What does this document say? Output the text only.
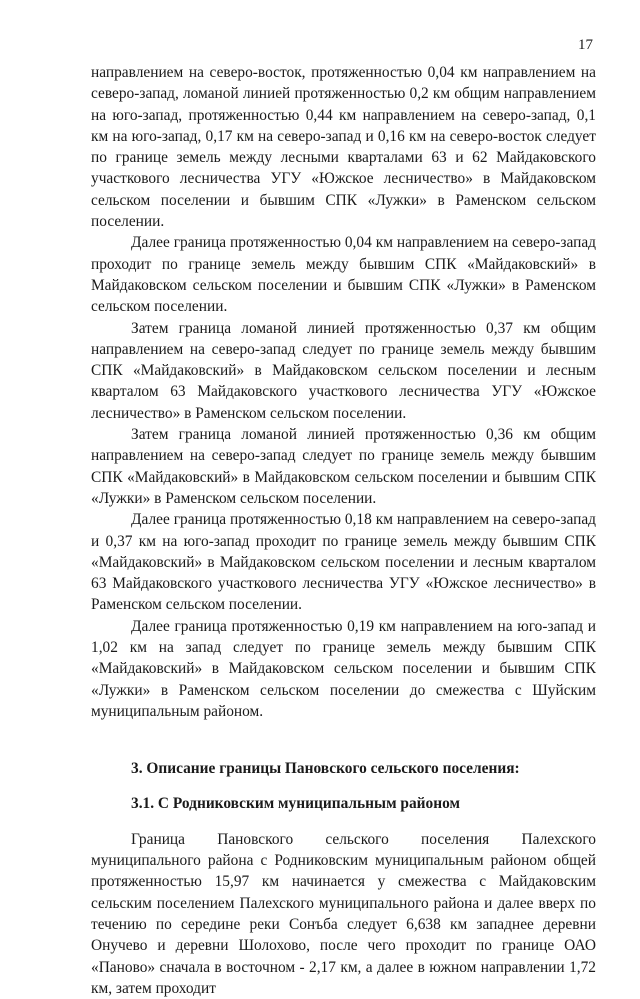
17

направлением на северо-восток, протяженностью 0,04 км направлением на северо-запад, ломаной линией протяженностью 0,2 км общим направлением на юго-запад, протяженностью 0,44 км направлением на северо-запад, 0,1 км на юго-запад, 0,17 км на северо-запад и 0,16 км на северо-восток следует по границе земель между лесными кварталами 63 и 62 Майдаковского участкового лесничества УГУ «Южское лесничество» в Майдаковском сельском поселении и бывшим СПК «Лужки» в Раменском сельском поселении.

Далее граница протяженностью 0,04 км направлением на северо-запад проходит по границе земель между бывшим СПК «Майдаковский» в Майдаковском сельском поселении и бывшим СПК «Лужки» в Раменском сельском поселении.

Затем граница ломаной линией протяженностью 0,37 км общим направлением на северо-запад следует по границе земель между бывшим СПК «Майдаковский» в Майдаковском сельском поселении и лесным кварталом 63 Майдаковского участкового лесничества УГУ «Южское лесничество» в Раменском сельском поселении.

Затем граница ломаной линией протяженностью 0,36 км общим направлением на северо-запад следует по границе земель между бывшим СПК «Майдаковский» в Майдаковском сельском поселении и бывшим СПК «Лужки» в Раменском сельском поселении.

Далее граница протяженностью 0,18 км направлением на северо-запад и 0,37 км на юго-запад проходит по границе земель между бывшим СПК «Майдаковский» в Майдаковском сельском поселении и лесным кварталом 63 Майдаковского участкового лесничества УГУ «Южское лесничество» в Раменском сельском поселении.

Далее граница протяженностью 0,19 км направлением на юго-запад и 1,02 км на запад следует по границе земель между бывшим СПК «Майдаковский» в Майдаковском сельском поселении и бывшим СПК «Лужки» в Раменском сельском поселении до смежества с Шуйским муниципальным районом.

3. Описание границы Пановского сельского поселения:

3.1. С Родниковским муниципальным районом

Граница Пановского сельского поселения Палехского муниципального района с Родниковским муниципальным районом общей протяженностью 15,97 км начинается у смежества с Майдаковским сельским поселением Палехского муниципального района и далее вверх по течению по середине реки Сонъба следует 6,638 км западнее деревни Онучево и деревни Шолохово, после чего проходит по границе ОАО «Паново» сначала в восточном - 2,17 км, а далее в южном направлении 1,72 км, затем проходит
